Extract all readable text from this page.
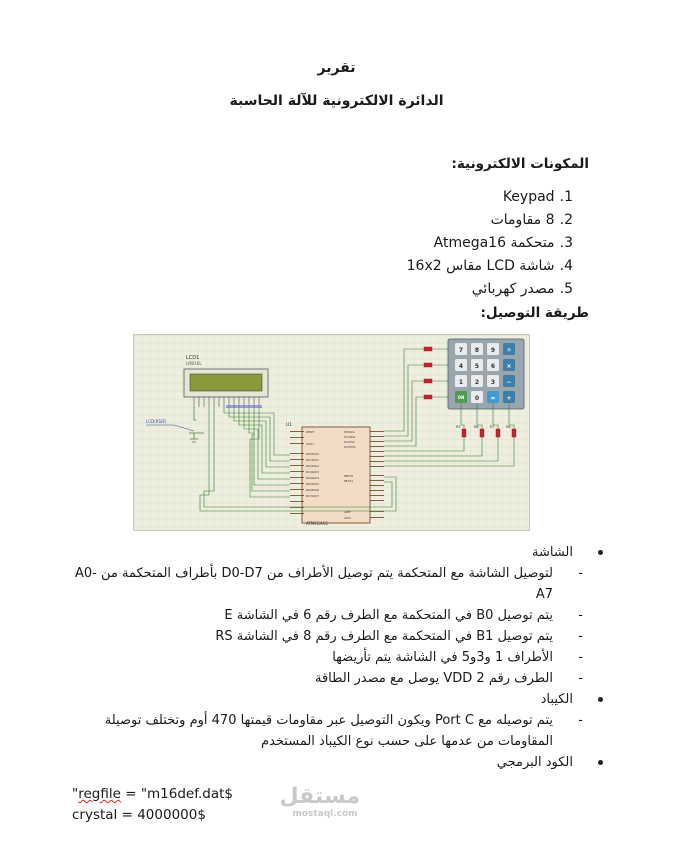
تقرير
الدائرة الالكترونية للآلة الحاسبة
المكونات الالكترونية:
1. Keypad
2. 8 مقاومات
3. متحكمة Atmega16
4. شاشة LCD مقاس 16x2
5. مصدر كهربائي
طريقة التوصيل:
LCD1
LM016L
LCD(RS/E)
U1
ATMEGA16
RESET
XTAL1
PA0/ADC0
PA1/ADC1
PA2/ADC2
PA3/ADC3
PA4/ADC4
PA5/ADC5
PA6/ADC6
PA7/ADC7
PC0/SCL
PC1/SDA
PC2/TCK
PC3/TMS
PB0/T0
PB1/T1
AREF
AVCC
7 8 9 ÷
4 5 6 ×
1 2 3 −
ON 0 = +
R5	R6	R7	R8
الشاشة
-
لتوصيل الشاشة مع المتحكمة يتم توصيل الأطراف من D0-D7 بأطراف المتحكمة من A0-A7
-
يتم توصيل B0 في المتحكمة مع الطرف رقم 6 في الشاشة E
-
يتم توصيل B1 في المتحكمة مع الطرف رقم 8 في الشاشة RS
-
الأطراف 1 و3و5 في الشاشة يتم تأريضها
-
الطرف رقم 2 VDD يوصل مع مصدر الطاقة
الكيباد
-
يتم توصيله مع Port C ويكون التوصيل عبر مقاومات قيمتها 470 أوم وتختلف توصيلة المقاومات من عدمها على حسب نوع الكيباد المستخدم
الكود البرمجي
"regfile = "m16def.dat$
crystal = 4000000$
مستقل
mostaql.com
